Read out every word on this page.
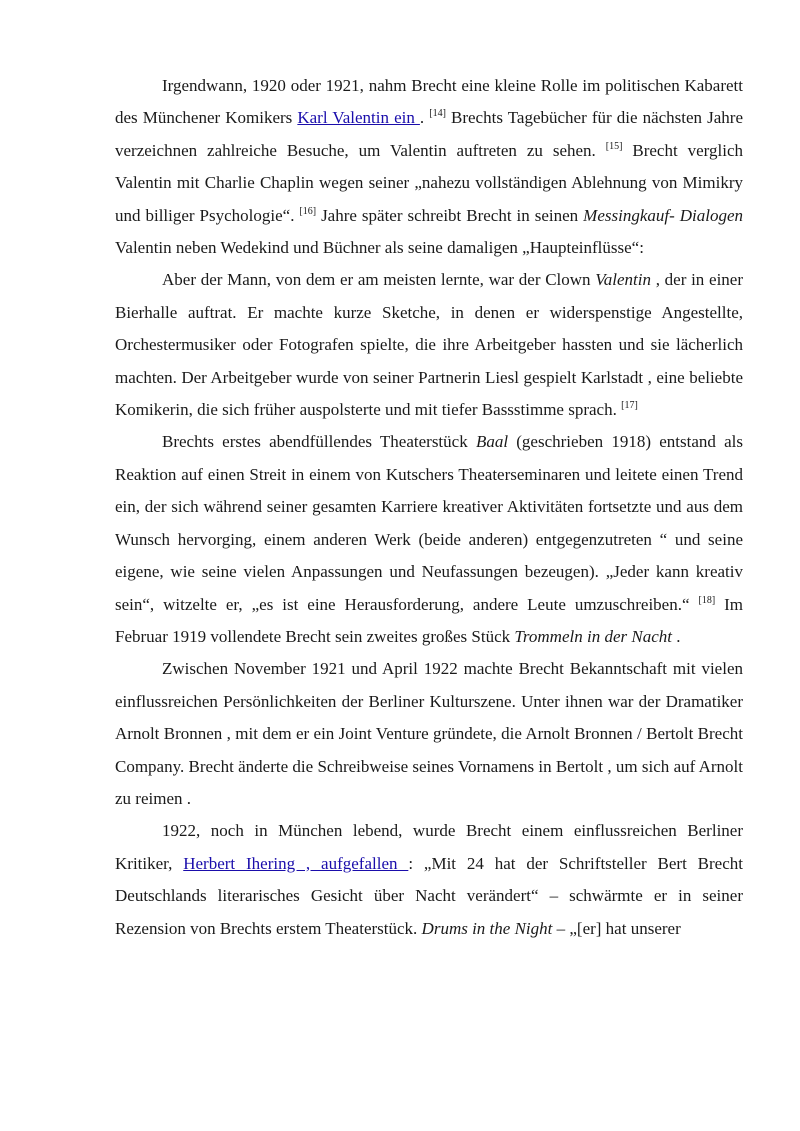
Irgendwann, 1920 oder 1921, nahm Brecht eine kleine Rolle im politischen Kabarett des Münchener Komikers Karl Valentin ein . [14] Brechts Tagebücher für die nächsten Jahre verzeichnen zahlreiche Besuche, um Valentin auftreten zu sehen. [15] Brecht verglich Valentin mit Charlie Chaplin wegen seiner „nahezu vollständigen Ablehnung von Mimikry und billiger Psychologie“. [16] Jahre später schreibt Brecht in seinen Messingkauf- Dialogen Valentin neben Wedekind und Büchner als seine damaligen „Haupteinflüsse“:

Aber der Mann, von dem er am meisten lernte, war der Clown Valentin , der in einer Bierhalle auftrat. Er machte kurze Sketche, in denen er widerspenstige Angestellte, Orchestermusiker oder Fotografen spielte, die ihre Arbeitgeber hassten und sie lächerlich machten. Der Arbeitgeber wurde von seiner Partnerin Liesl gespielt Karlstadt , eine beliebte Komikerin, die sich früher auspolsterte und mit tiefer Bassstimme sprach. [17]

Brechts erstes abendfüllendes Theaterstück Baal (geschrieben 1918) entstand als Reaktion auf einen Streit in einem von Kutschers Theaterseminaren und leitete einen Trend ein, der sich während seiner gesamten Karriere kreativer Aktivitäten fortsetzte und aus dem Wunsch hervorging, einem anderen Werk (beide anderen) entgegenzutreten “ und seine eigene, wie seine vielen Anpassungen und Neufassungen bezeugen). „Jeder kann kreativ sein“, witzelte er, „es ist eine Herausforderung, andere Leute umzuschreiben.“ [18] Im Februar 1919 vollendete Brecht sein zweites großes Stück Trommeln in der Nacht .

Zwischen November 1921 und April 1922 machte Brecht Bekanntschaft mit vielen einflussreichen Persönlichkeiten der Berliner Kulturszene. Unter ihnen war der Dramatiker Arnolt Bronnen , mit dem er ein Joint Venture gründete, die Arnolt Bronnen / Bertolt Brecht Company. Brecht änderte die Schreibweise seines Vornamens in Bertolt , um sich auf Arnolt zu reimen .

1922, noch in München lebend, wurde Brecht einem einflussreichen Berliner Kritiker, Herbert Ihering , aufgefallen : „Mit 24 hat der Schriftsteller Bert Brecht Deutschlands literarisches Gesicht über Nacht verändert“ – schwärmte er in seiner Rezension von Brechts erstem Theaterstück. Drums in the Night – „[er] hat unserer
